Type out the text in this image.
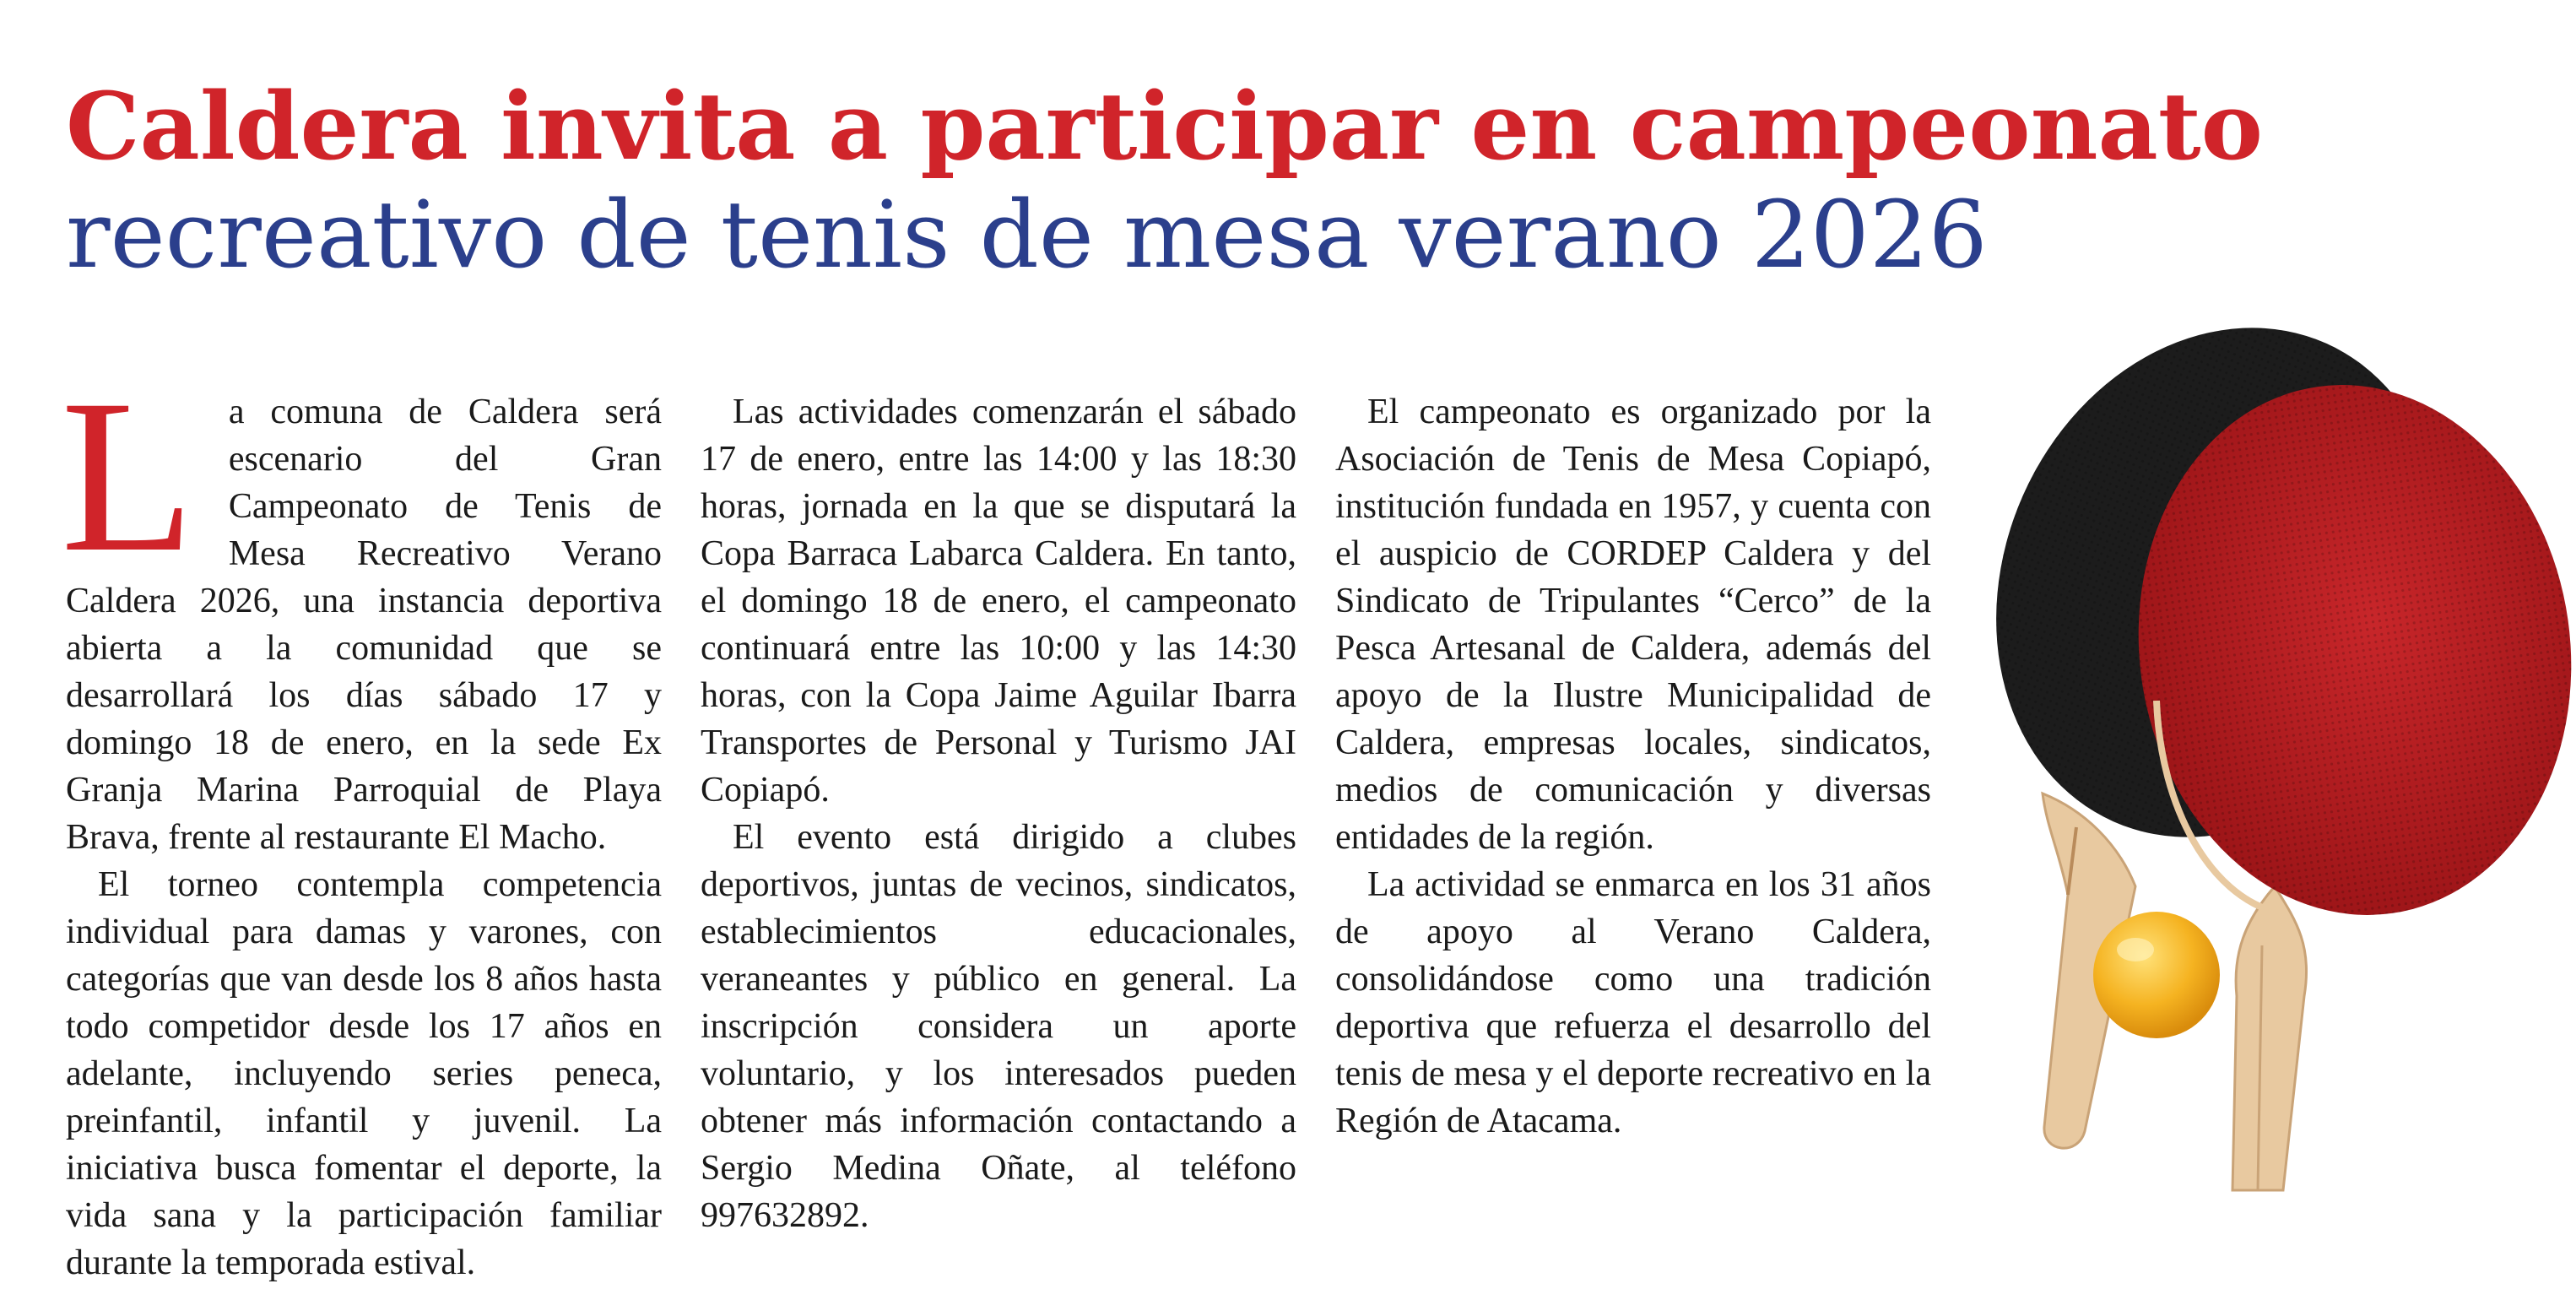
Caldera invita a participar en campeonato
recreativo de tenis de mesa verano 2026

La comuna de Caldera será escenario del Gran Campeonato de Tenis de Mesa Recreativo Verano Caldera 2026, una instancia deportiva abierta a la comunidad que se desarrollará los días sábado 17 y domingo 18 de enero, en la sede Ex Granja Marina Parroquial de Playa Brava, frente al restaurante El Macho.

El torneo contempla competencia individual para damas y varones, con categorías que van desde los 8 años hasta todo competidor desde los 17 años en adelante, incluyendo series peneca, preinfantil, infantil y juvenil. La iniciativa busca fomentar el deporte, la vida sana y la participación familiar durante la temporada estival.

Las actividades comenzarán el sábado 17 de enero, entre las 14:00 y las 18:30 horas, jornada en la que se disputará la Copa Barraca Labarca Caldera. En tanto, el domingo 18 de enero, el campeonato continuará entre las 10:00 y las 14:30 horas, con la Copa Jaime Aguilar Ibarra Transportes de Personal y Turismo JAI Copiapó.

El evento está dirigido a clubes deportivos, juntas de vecinos, sindicatos, establecimientos educacionales, veraneantes y público en general. La inscripción considera un aporte voluntario, y los interesados pueden obtener más información contactando a Sergio Medina Oñate, al teléfono 997632892.

El campeonato es organizado por la Asociación de Tenis de Mesa Copiapó, institución fundada en 1957, y cuenta con el auspicio de CORDEP Caldera y del Sindicato de Tripulantes “Cerco” de la Pesca Artesanal de Caldera, además del apoyo de la Ilustre Municipalidad de Caldera, empresas locales, sindicatos, medios de comunicación y diversas entidades de la región.

La actividad se enmarca en los 31 años de apoyo al Verano Caldera, consolidándose como una tradición deportiva que refuerza el desarrollo del tenis de mesa y el deporte recreativo en la Región de Atacama.
